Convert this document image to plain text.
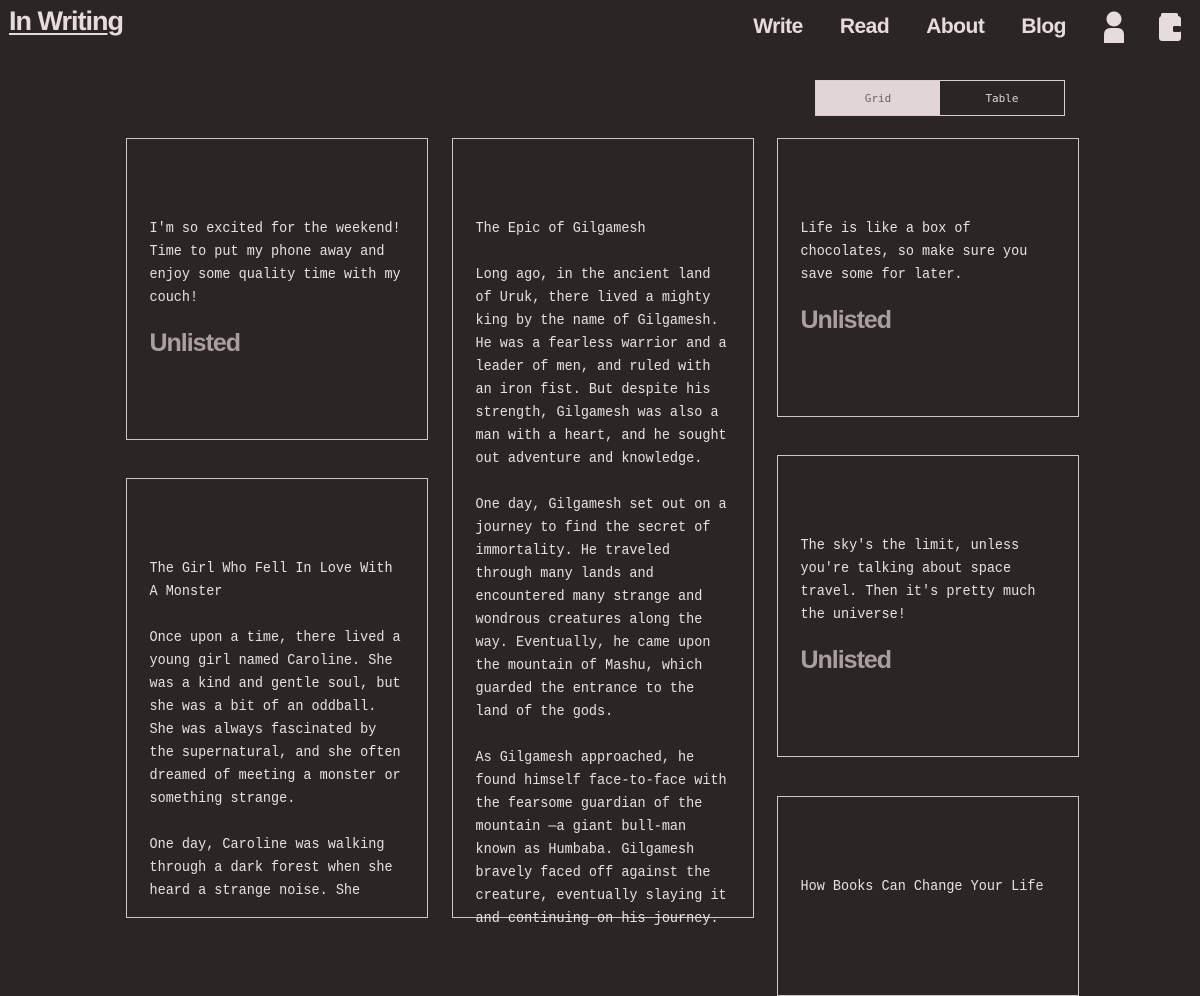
In Writing	Write Read About Blog
Grid	Table

I'm so excited for the weekend! Time to put my phone away and enjoy some quality time with my couch!

Unlisted

The Girl Who Fell In Love With A Monster

Once upon a time, there lived a young girl named Caroline. She was a kind and gentle soul, but she was a bit of an oddball. She was always fascinated by the supernatural, and she often dreamed of meeting a monster or something strange.

One day, Caroline was walking through a dark forest when she heard a strange noise. She

The Epic of Gilgamesh

Long ago, in the ancient land of Uruk, there lived a mighty king by the name of Gilgamesh. He was a fearless warrior and a leader of men, and ruled with an iron fist. But despite his strength, Gilgamesh was also a man with a heart, and he sought out adventure and knowledge.

One day, Gilgamesh set out on a journey to find the secret of immortality. He traveled through many lands and encountered many strange and wondrous creatures along the way. Eventually, he came upon the mountain of Mashu, which guarded the entrance to the land of the gods.

As Gilgamesh approached, he found himself face-to-face with the fearsome guardian of the mountain —a giant bull-man known as Humbaba. Gilgamesh bravely faced off against the creature, eventually slaying it and continuing on his journey.

Life is like a box of chocolates, so make sure you save some for later.

Unlisted

The sky's the limit, unless you're talking about space travel. Then it's pretty much the universe!

Unlisted

How Books Can Change Your Life
